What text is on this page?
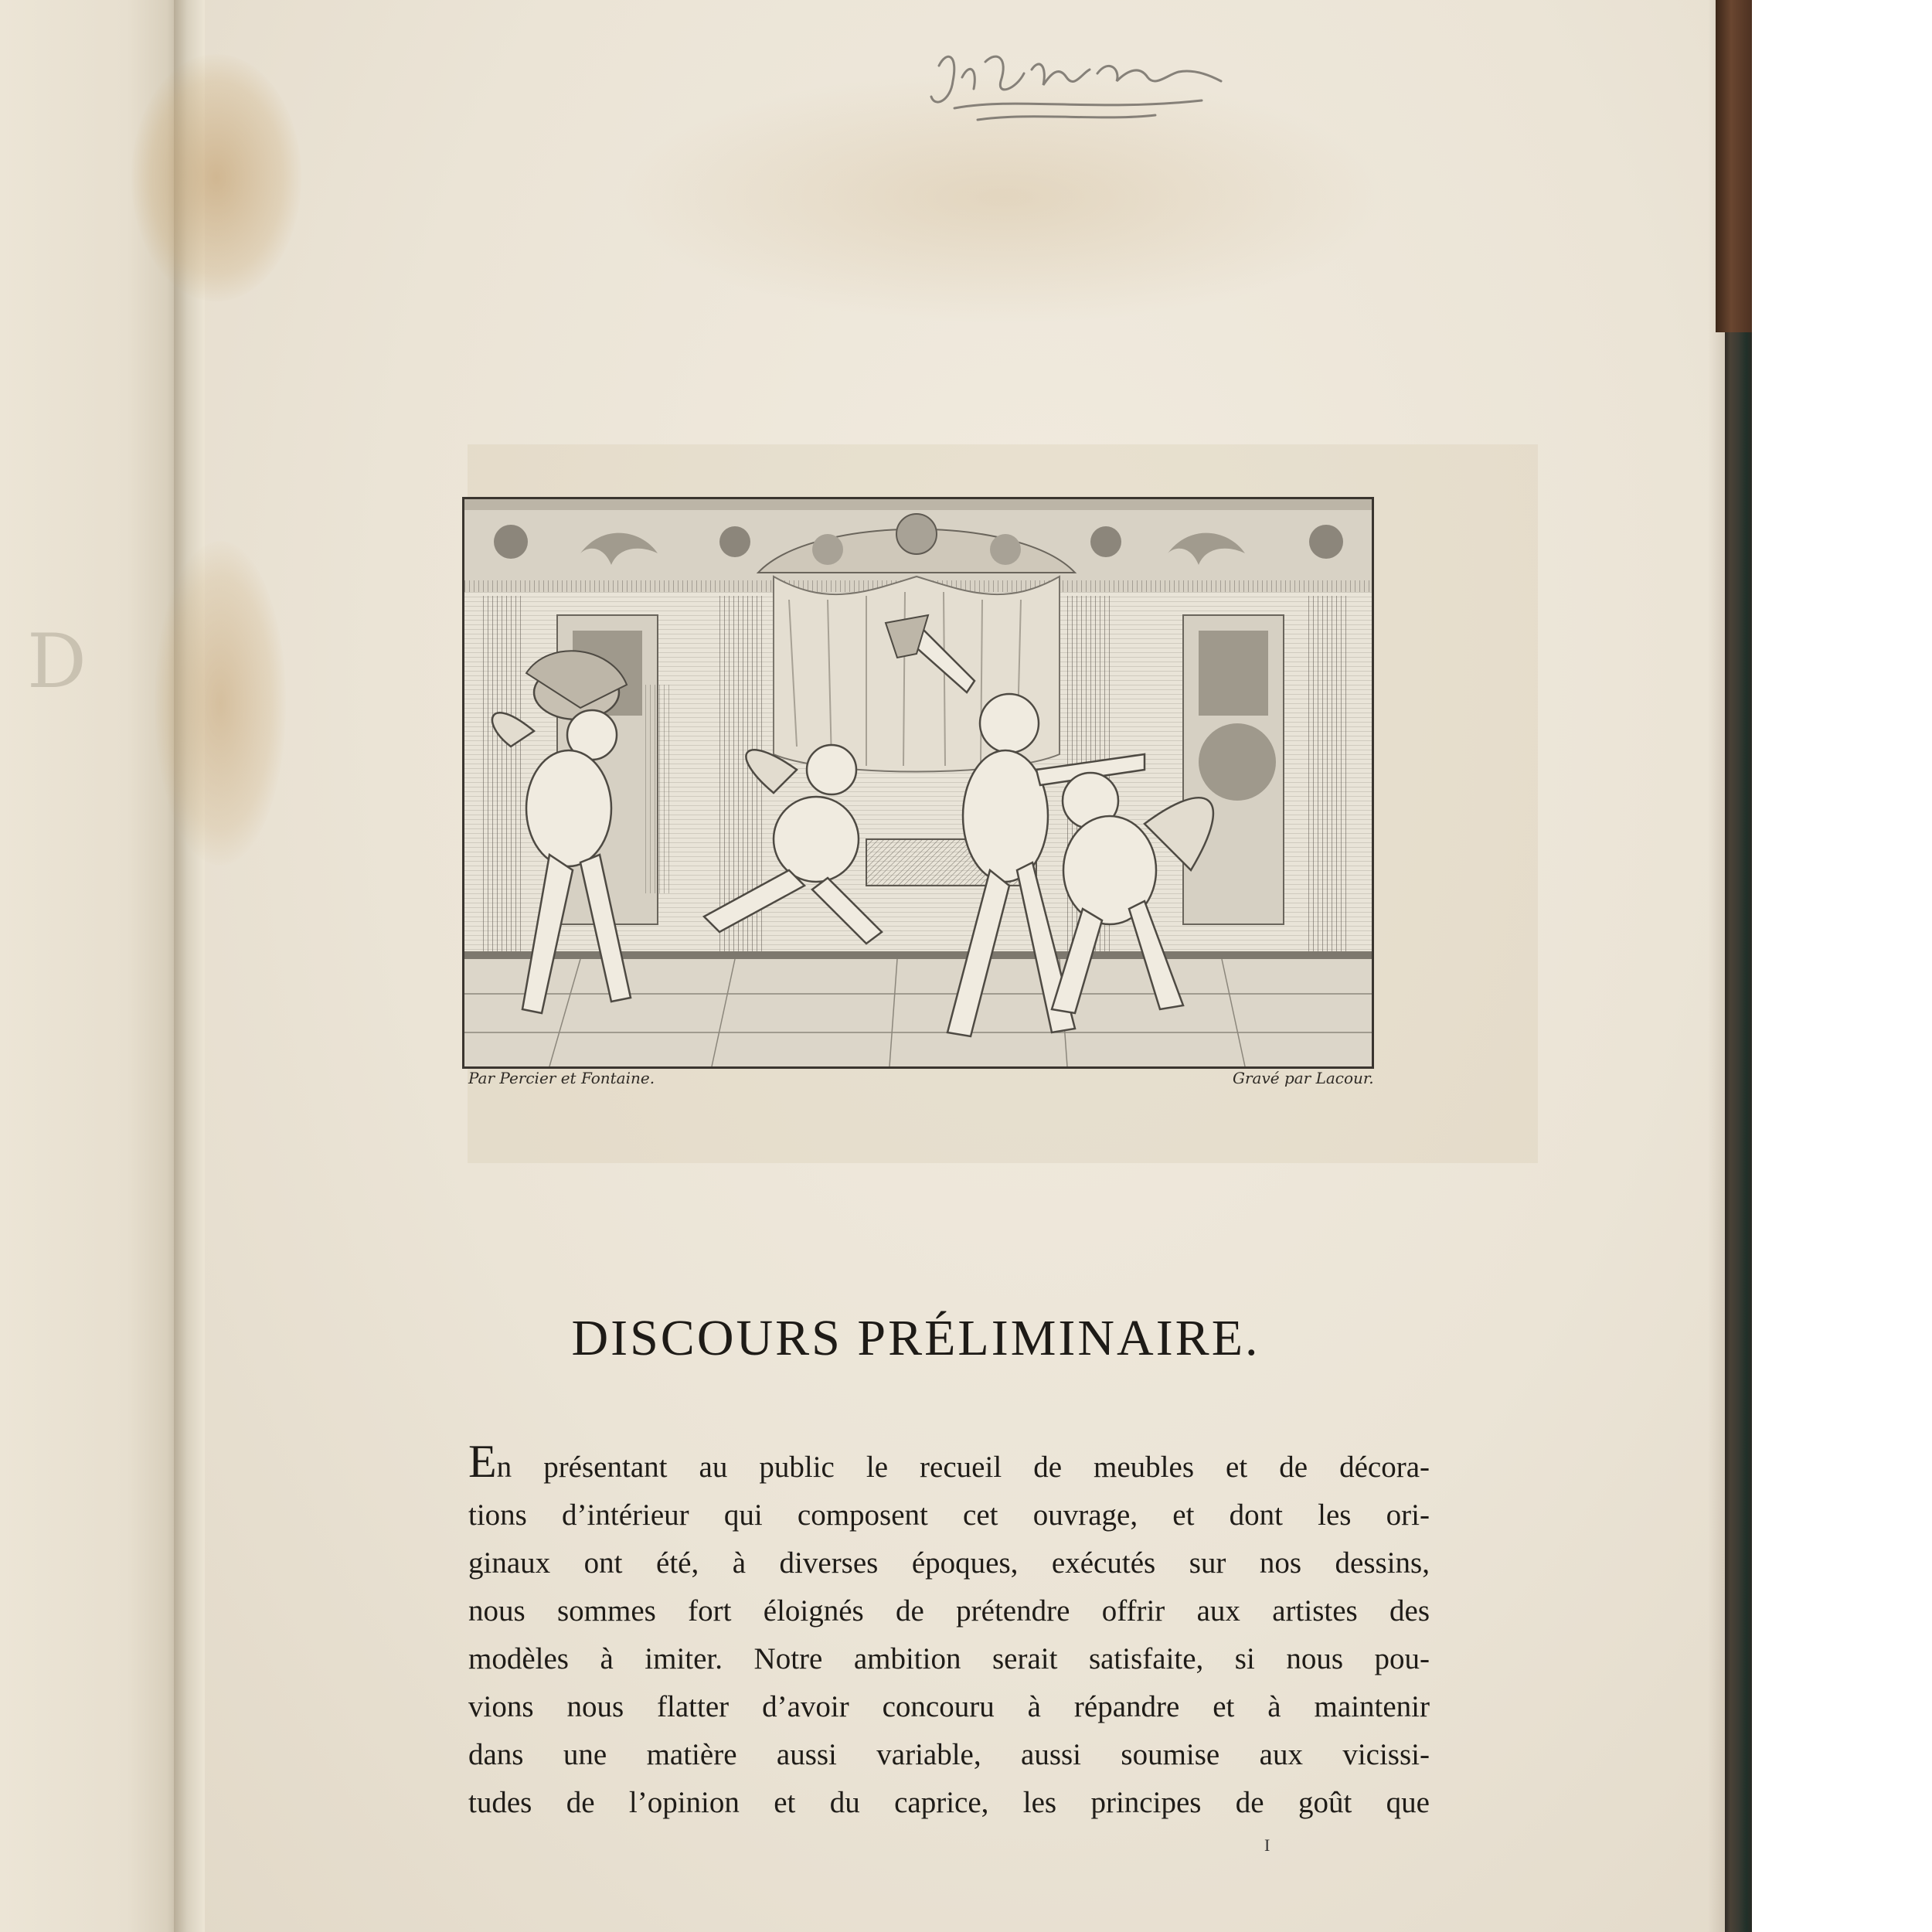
D
Par Percier et Fontaine.	Gravé par Lacour.
DISCOURS PRÉLIMINAIRE.
En présentant au public le recueil de meubles et de décora-
tions d’intérieur qui composent cet ouvrage, et dont les ori-
ginaux ont été, à diverses époques, exécutés sur nos dessins,
nous sommes fort éloignés de prétendre offrir aux artistes des
modèles à imiter. Notre ambition serait satisfaite, si nous pou-
vions nous flatter d’avoir concouru à répandre et à maintenir
dans une matière aussi variable, aussi soumise aux vicissi-
tudes de l’opinion et du caprice, les principes de goût que
I
